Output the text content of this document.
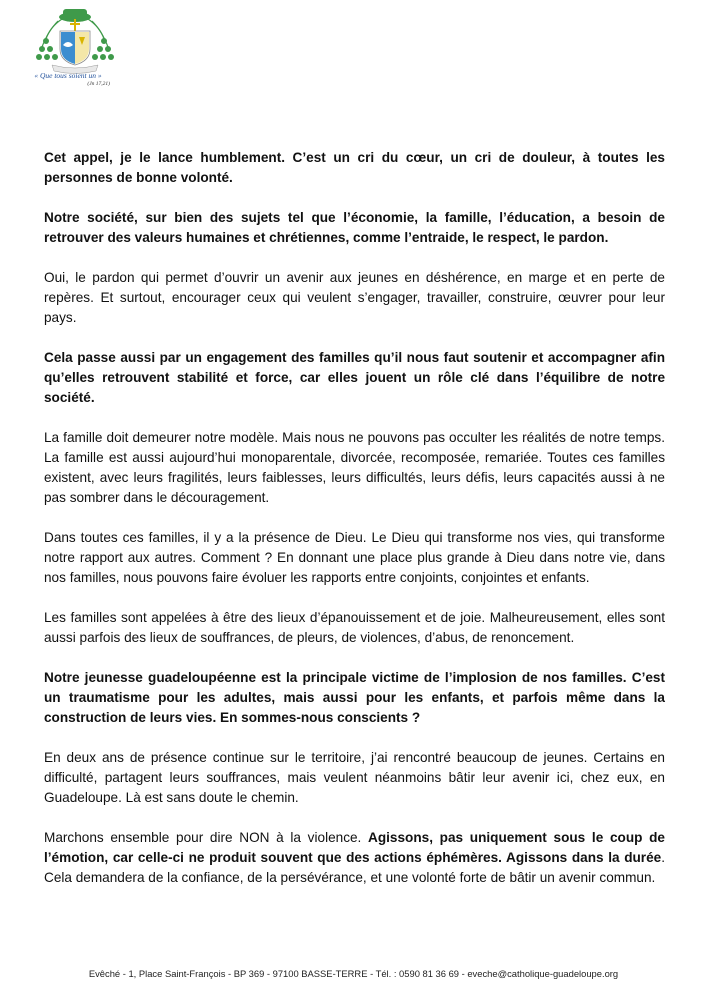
« Que tous soient un »
(Jn 17,21)

Cet appel, je le lance humblement. C’est un cri du cœur, un cri de douleur, à toutes les personnes de bonne volonté.

Notre société, sur bien des sujets tel que l’économie, la famille, l’éducation, a besoin de retrouver des valeurs humaines et chrétiennes, comme l’entraide, le respect, le pardon.

Oui, le pardon qui permet d’ouvrir un avenir aux jeunes en déshérence, en marge et en perte de repères. Et surtout, encourager ceux qui veulent s’engager, travailler, construire, œuvrer pour leur pays.

Cela passe aussi par un engagement des familles qu’il nous faut soutenir et accompagner afin qu’elles retrouvent stabilité et force, car elles jouent un rôle clé dans l’équilibre de notre société.

La famille doit demeurer notre modèle. Mais nous ne pouvons pas occulter les réalités de notre temps. La famille est aussi aujourd’hui monoparentale, divorcée, recomposée, remariée. Toutes ces familles existent, avec leurs fragilités, leurs faiblesses, leurs difficultés, leurs défis, leurs capacités aussi à ne pas sombrer dans le découragement.

Dans toutes ces familles, il y a la présence de Dieu. Le Dieu qui transforme nos vies, qui transforme notre rapport aux autres. Comment ? En donnant une place plus grande à Dieu dans notre vie, dans nos familles, nous pouvons faire évoluer les rapports entre conjoints, conjointes et enfants.

Les familles sont appelées à être des lieux d’épanouissement et de joie. Malheureusement, elles sont aussi parfois des lieux de souffrances, de pleurs, de violences, d’abus, de renoncement.

Notre jeunesse guadeloupéenne est la principale victime de l’implosion de nos familles. C’est un traumatisme pour les adultes, mais aussi pour les enfants, et parfois même dans la construction de leurs vies. En sommes-nous conscients ?

En deux ans de présence continue sur le territoire, j’ai rencontré beaucoup de jeunes. Certains en difficulté, partagent leurs souffrances, mais veulent néanmoins bâtir leur avenir ici, chez eux, en Guadeloupe. Là est sans doute le chemin.

Marchons ensemble pour dire NON à la violence. Agissons, pas uniquement sous le coup de l’émotion, car celle-ci ne produit souvent que des actions éphémères. Agissons dans la durée. Cela demandera de la confiance, de la persévérance, et une volonté forte de bâtir un avenir commun.

Evêché - 1, Place Saint-François - BP 369 - 97100 BASSE-TERRE - Tél. : 0590 81 36 69 - eveche@catholique-guadeloupe.org
